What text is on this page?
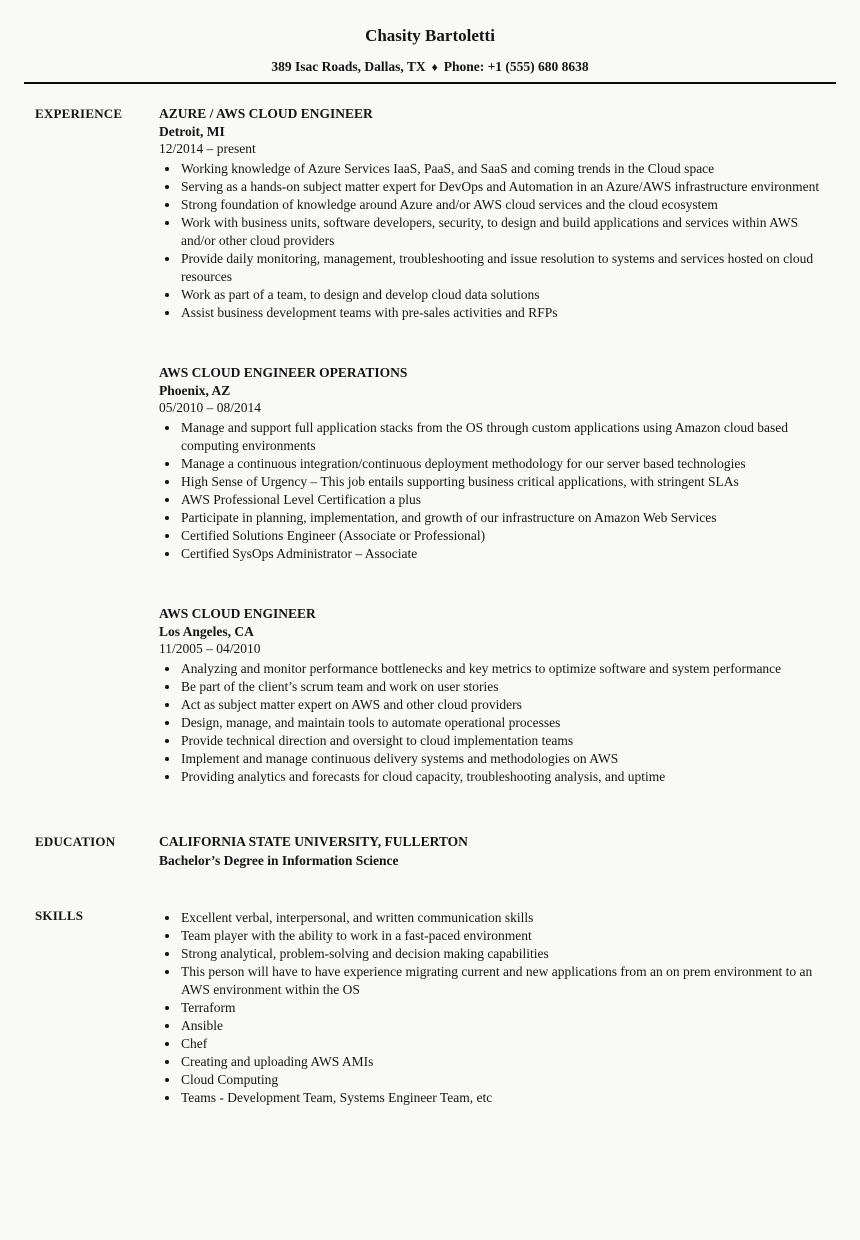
Chasity Bartoletti

389 Isac Roads, Dallas, TX ♦ Phone: +1 (555) 680 8638

EXPERIENCE	AZURE / AWS CLOUD ENGINEER

Detroit, MI

12/2014 – present

• Working knowledge of Azure Services IaaS, PaaS, and SaaS and coming trends in the Cloud space
• Serving as a hands-on subject matter expert for DevOps and Automation in an Azure/AWS infrastructure environment
• Strong foundation of knowledge around Azure and/or AWS cloud services and the cloud ecosystem
• Work with business units, software developers, security, to design and build applications and services within AWS and/or other cloud providers
• Provide daily monitoring, management, troubleshooting and issue resolution to systems and services hosted on cloud resources
• Work as part of a team, to design and develop cloud data solutions
• Assist business development teams with pre-sales activities and RFPs
AWS CLOUD ENGINEER OPERATIONS

Phoenix, AZ

05/2010 – 08/2014

• Manage and support full application stacks from the OS through custom applications using Amazon cloud based computing environments
• Manage a continuous integration/continuous deployment methodology for our server based technologies
• High Sense of Urgency – This job entails supporting business critical applications, with stringent SLAs
• AWS Professional Level Certification a plus
• Participate in planning, implementation, and growth of our infrastructure on Amazon Web Services
• Certified Solutions Engineer (Associate or Professional)
• Certified SysOps Administrator – Associate
AWS CLOUD ENGINEER

Los Angeles, CA

11/2005 – 04/2010

• Analyzing and monitor performance bottlenecks and key metrics to optimize software and system performance
• Be part of the client’s scrum team and work on user stories
• Act as subject matter expert on AWS and other cloud providers
• Design, manage, and maintain tools to automate operational processes
• Provide technical direction and oversight to cloud implementation teams
• Implement and manage continuous delivery systems and methodologies on AWS
• Providing analytics and forecasts for cloud capacity, troubleshooting analysis, and uptime
EDUCATION	CALIFORNIA STATE UNIVERSITY, FULLERTON

Bachelor’s Degree in Information Science

SKILLS	• Excellent verbal, interpersonal, and written communication skills
• Team player with the ability to work in a fast-paced environment
• Strong analytical, problem-solving and decision making capabilities
• This person will have to have experience migrating current and new applications from an on prem environment to an AWS environment within the OS
• Terraform
• Ansible
• Chef
• Creating and uploading AWS AMIs
• Cloud Computing
• Teams - Development Team, Systems Engineer Team, etc
